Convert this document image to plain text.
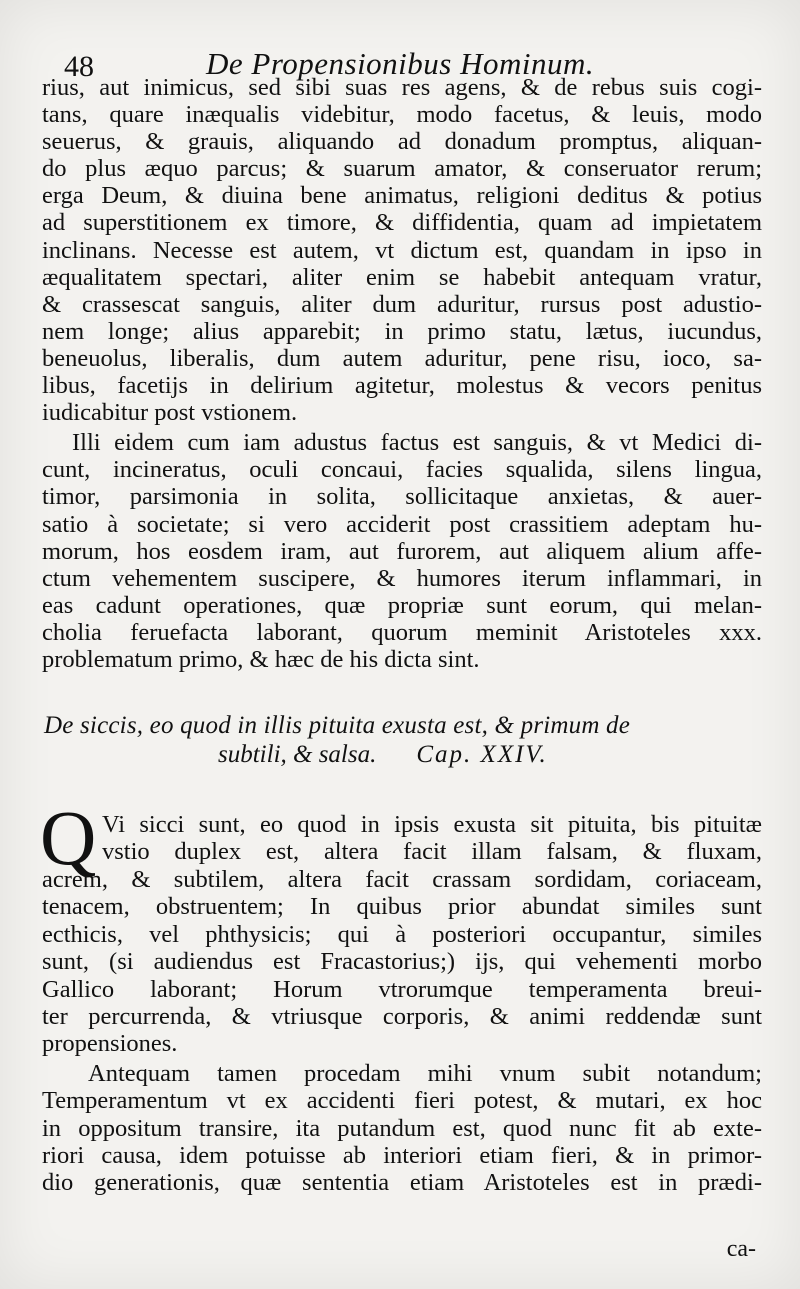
48	De Propensionibus Hominum.

rius, aut inimicus, sed sibi suas res agens, & de rebus suis cogi-

tans, quare inæqualis videbitur, modo facetus, & leuis, modo

seuerus, & grauis, aliquando ad donadum promptus, aliquan-

do plus æquo parcus; & suarum amator, & conseruator rerum;

erga Deum, & diuina bene animatus, religioni deditus & potius

ad superstitionem ex timore, & diffidentia, quam ad impietatem

inclinans. Necesse est autem, vt dictum est, quandam in ipso in

æqualitatem spectari, aliter enim se habebit antequam vratur,

& crassescat sanguis, aliter dum aduritur, rursus post adustio-

nem longe; alius apparebit; in primo statu, lætus, iucundus,

beneuolus, liberalis, dum autem aduritur, pene risu, ioco, sa-

libus, facetijs in delirium agitetur, molestus & vecors penitus

iudicabitur post vstionem.

Illi eidem cum iam adustus factus est sanguis, & vt Medici di-

cunt, incineratus, oculi concaui, facies squalida, silens lingua,

timor, parsimonia in solita, sollicitaque anxietas, & auer-

satio à societate; si vero acciderit post crassitiem adeptam hu-

morum, hos eosdem iram, aut furorem, aut aliquem alium affe-

ctum vehementem suscipere, & humores iterum inflammari, in

eas cadunt operationes, quæ propriæ sunt eorum, qui melan-

cholia feruefacta laborant, quorum meminit Aristoteles xxx.

problematum primo, & hæc de his dicta sint.

De siccis, eo quod in illis pituita exusta est, & primum de
subtili, & salsa. Cap. XXIV.
Q Vi sicci sunt, eo quod in ipsis exusta sit pituita, bis pituitæ

vstio duplex est, altera facit illam falsam, & fluxam,

acrem, & subtilem, altera facit crassam sordidam, coriaceam,

tenacem, obstruentem; In quibus prior abundat similes sunt

ecthicis, vel phthysicis; qui à posteriori occupantur, similes

sunt, (si audiendus est Fracastorius;) ijs, qui vehementi morbo

Gallico laborant; Horum vtrorumque temperamenta breui-

ter percurrenda, & vtriusque corporis, & animi reddendæ sunt

propensiones.

Antequam tamen procedam mihi vnum subit notandum;

Temperamentum vt ex accidenti fieri potest, & mutari, ex hoc

in oppositum transire, ita putandum est, quod nunc fit ab exte-

riori causa, idem potuisse ab interiori etiam fieri, & in primor-

dio generationis, quæ sententia etiam Aristoteles est in prædi-

ca-
